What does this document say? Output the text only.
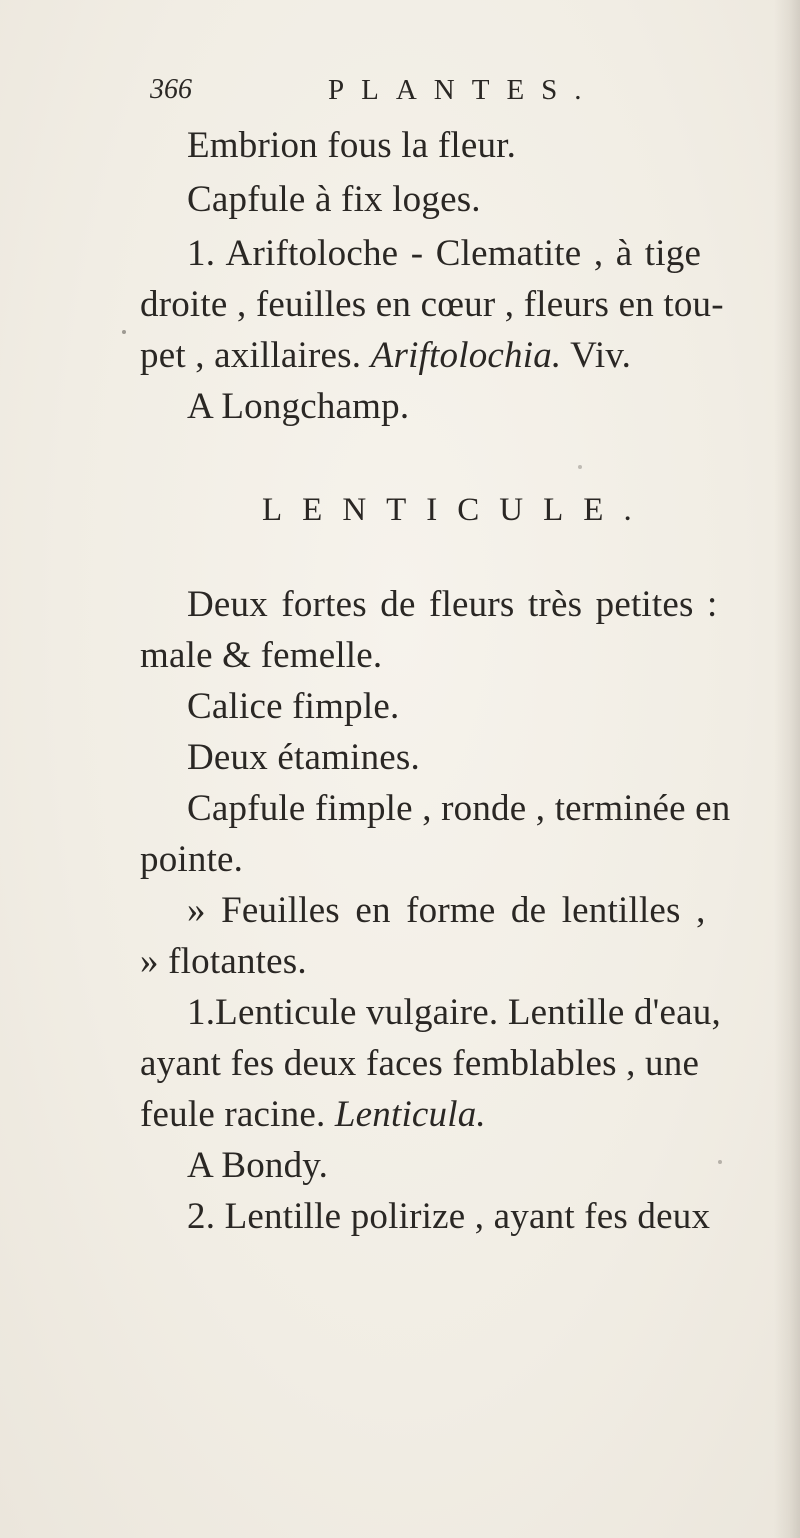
366	PLANTES.
Embrion fous la fleur.
Capfule à fix loges.
1. Ariftoloche - Clematite , à tige
droite , feuilles en cœur , fleurs en tou-
pet , axillaires. Ariftolochia. Viv.
A Longchamp.
LENTICULE.
Deux fortes de fleurs très petites :
male & femelle.
Calice fimple.
Deux étamines.
Capfule fimple , ronde , terminée en
pointe.
» Feuilles en forme de lentilles ,
» flotantes.
1.Lenticule vulgaire. Lentille d'eau,
ayant fes deux faces femblables , une
feule racine. Lenticula.
A Bondy.
2. Lentille polirize , ayant fes deux
